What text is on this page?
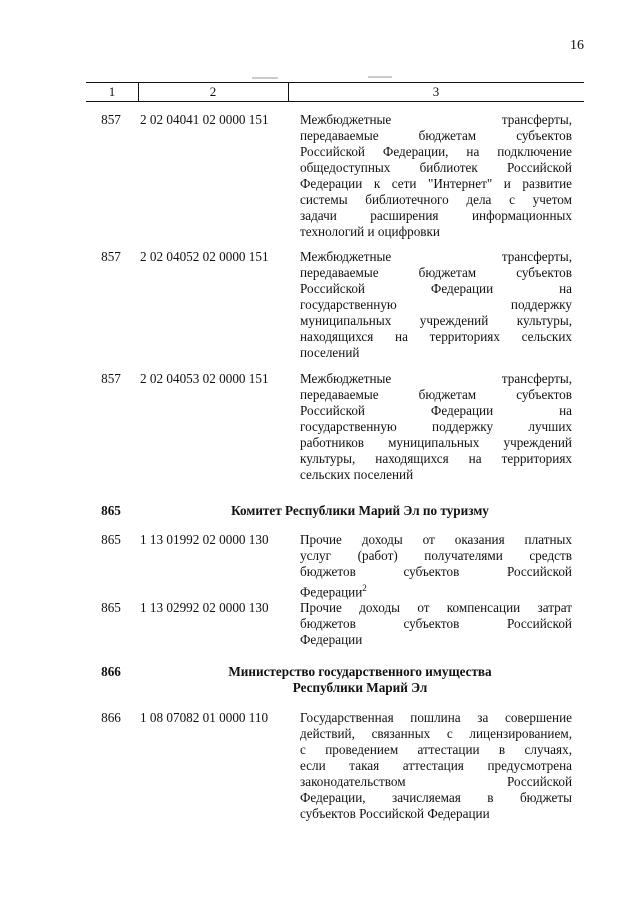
16
1	2	3
857	2 02 04041 02 0000 151	Межбюджетные трансферты,
передаваемые бюджетам субъектов
Российской Федерации, на подключение
общедоступных библиотек Российской
Федерации к сети "Интернет" и развитие
системы библиотечного дела с учетом
задачи расширения информационных
технологий и оцифровки
857	2 02 04052 02 0000 151	Межбюджетные трансферты,
передаваемые бюджетам субъектов
Российской Федерации на
государственную поддержку
муниципальных учреждений культуры,
находящихся на территориях сельских
поселений
857	2 02 04053 02 0000 151	Межбюджетные трансферты,
передаваемые бюджетам субъектов
Российской Федерации на
государственную поддержку лучших
работников муниципальных учреждений
культуры, находящихся на территориях
сельских поселений
865	Комитет Республики Марий Эл по туризму
865	1 13 01992 02 0000 130	Прочие доходы от оказания платных
услуг (работ) получателями средств
бюджетов субъектов Российской
Федерации$^2$
865	1 13 02992 02 0000 130	Прочие доходы от компенсации затрат
бюджетов субъектов Российской
Федерации
866	Министерство государственного имущества
Республики Марий Эл
866	1 08 07082 01 0000 110	Государственная пошлина за совершение
действий, связанных с лицензированием,
с проведением аттестации в случаях,
если такая аттестация предусмотрена
законодательством Российской
Федерации, зачисляемая в бюджеты
субъектов Российской Федерации
